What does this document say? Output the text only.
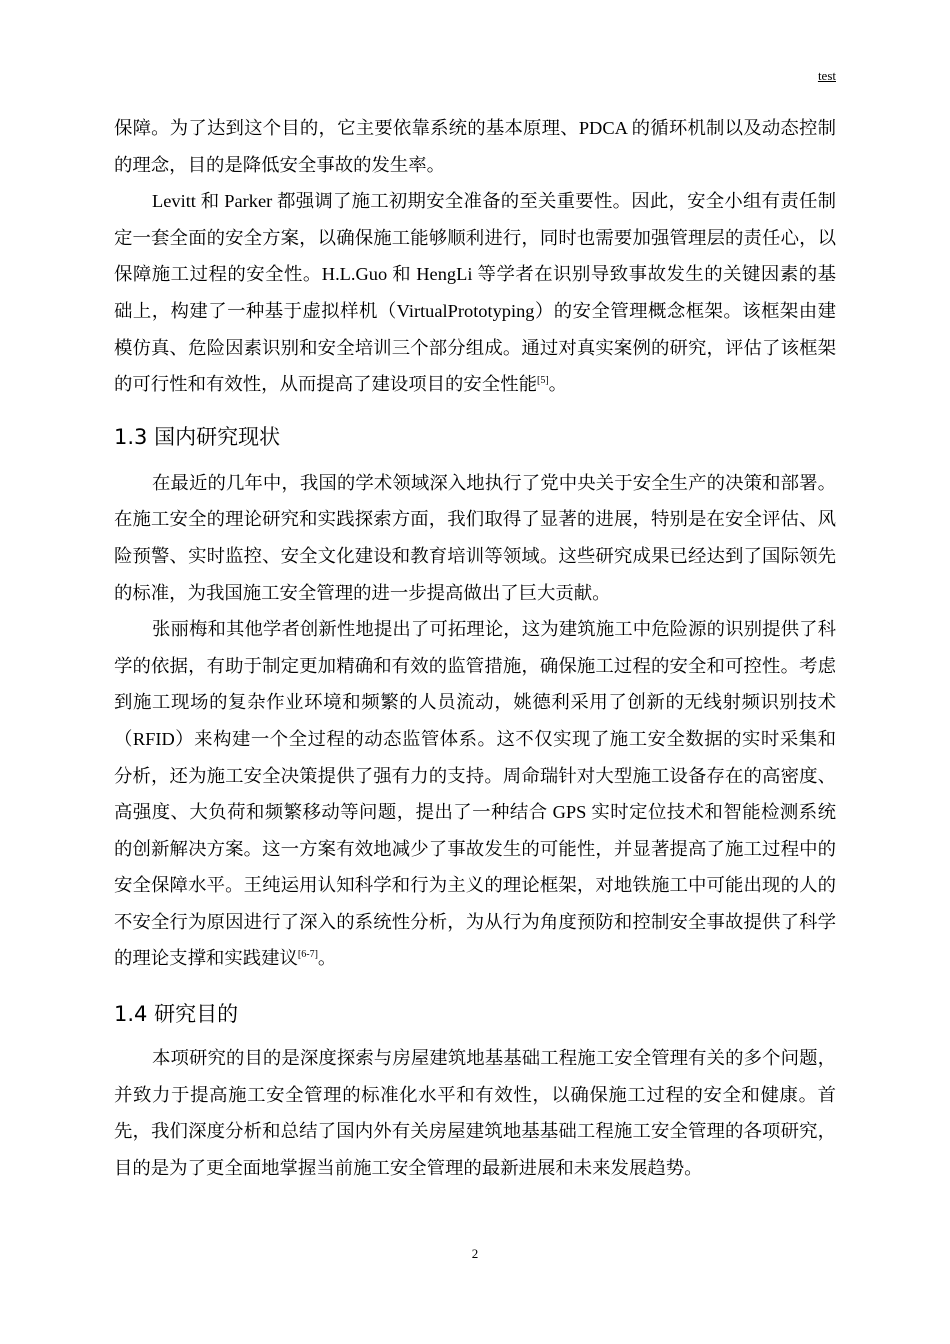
test

保障。为了达到这个目的，它主要依靠系统的基本原理、PDCA 的循环机制以及动态控制的理念，目的是降低安全事故的发生率。

Levitt 和 Parker 都强调了施工初期安全准备的至关重要性。因此，安全小组有责任制定一套全面的安全方案，以确保施工能够顺利进行，同时也需要加强管理层的责任心，以保障施工过程的安全性。H.L.Guo 和 HengLi 等学者在识别导致事故发生的关键因素的基础上，构建了一种基于虚拟样机（VirtualPrototyping）的安全管理概念框架。该框架由建模仿真、危险因素识别和安全培训三个部分组成。通过对真实案例的研究，评估了该框架的可行性和有效性，从而提高了建设项目的安全性能[5]。

1.3 国内研究现状

在最近的几年中，我国的学术领域深入地执行了党中央关于安全生产的决策和部署。在施工安全的理论研究和实践探索方面，我们取得了显著的进展，特别是在安全评估、风险预警、实时监控、安全文化建设和教育培训等领域。这些研究成果已经达到了国际领先的标准，为我国施工安全管理的进一步提高做出了巨大贡献。

张丽梅和其他学者创新性地提出了可拓理论，这为建筑施工中危险源的识别提供了科学的依据，有助于制定更加精确和有效的监管措施，确保施工过程的安全和可控性。考虑到施工现场的复杂作业环境和频繁的人员流动，姚德利采用了创新的无线射频识别技术（RFID）来构建一个全过程的动态监管体系。这不仅实现了施工安全数据的实时采集和分析，还为施工安全决策提供了强有力的支持。周命瑞针对大型施工设备存在的高密度、高强度、大负荷和频繁移动等问题，提出了一种结合 GPS 实时定位技术和智能检测系统的创新解决方案。这一方案有效地减少了事故发生的可能性，并显著提高了施工过程中的安全保障水平。王纯运用认知科学和行为主义的理论框架，对地铁施工中可能出现的人的不安全行为原因进行了深入的系统性分析，为从行为角度预防和控制安全事故提供了科学的理论支撑和实践建议[6-7]。

1.4 研究目的

本项研究的目的是深度探索与房屋建筑地基基础工程施工安全管理有关的多个问题，并致力于提高施工安全管理的标准化水平和有效性，以确保施工过程的安全和健康。首先，我们深度分析和总结了国内外有关房屋建筑地基基础工程施工安全管理的各项研究，目的是为了更全面地掌握当前施工安全管理的最新进展和未来发展趋势。

2
